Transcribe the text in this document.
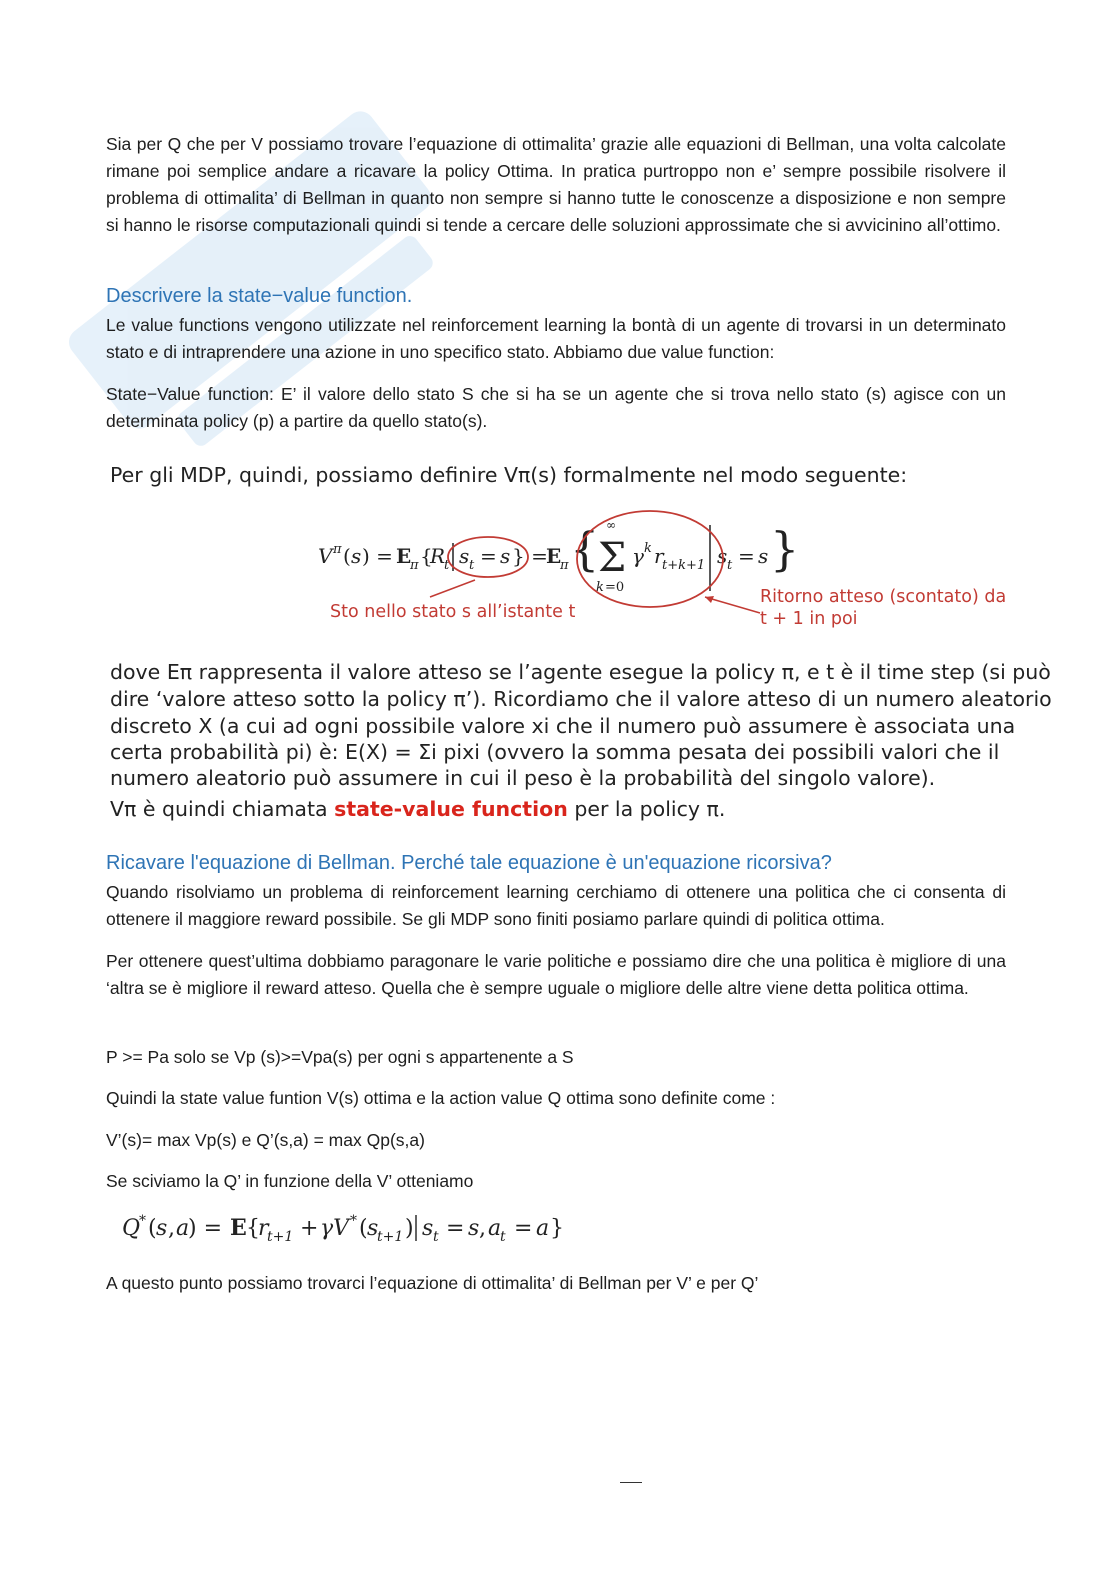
Sia per Q che per V possiamo trovare l’equazione di ottimalita’ grazie alle equazioni di Bellman, una volta calcolate rimane poi semplice andare a ricavare la policy Ottima. In pratica purtroppo non e’ sempre possibile risolvere il problema di ottimalita’ di Bellman in quanto non sempre si hanno tutte le conoscenze a disposizione e non sempre si hanno le risorse computazionali quindi si tende a cercare delle soluzioni approssimate che si avvicinino all’ottimo.

Descrivere la state−value function.

Le value functions vengono utilizzate nel reinforcement learning la bontà di un agente di trovarsi in un determinato stato e di intraprendere una azione in uno specifico stato. Abbiamo due value function:

State−Value function: E’ il valore dello stato S che si ha se un agente che si trova nello stato (s) agisce con un determinata policy (p) a partire da quello stato(s).

Per gli MDP, quindi, possiamo definire Vπ(s) formalmente nel modo seguente:
V π ( s ) = E
π {
R
t s t = s } =
E
π {
Σ
∞
k =0
γ k r
t+k+1 s t = s }
Sto nello stato s all’istante t
Ritorno atteso (scontato) da
t + 1 in poi
dove Eπ rappresenta il valore atteso se l’agente esegue la policy π, e t è il time step (si può
dire ‘valore atteso sotto la policy π’). Ricordiamo che il valore atteso di un numero aleatorio
discreto X (a cui ad ogni possibile valore xi che il numero può assumere è associata una
certa probabilità pi) è: E(X) = Σi pixi (ovvero la somma pesata dei possibili valori che il
numero aleatorio può assumere in cui il peso è la probabilità del singolo valore).
Vπ è quindi chiamata state-value function per la policy π.
Ricavare l'equazione di Bellman. Perché tale equazione è un'equazione ricorsiva?

Quando risolviamo un problema di reinforcement learning cerchiamo di ottenere una politica che ci consenta di ottenere il maggiore reward possibile. Se gli MDP sono finiti posiamo parlare quindi di politica ottima.

Per ottenere quest’ultima dobbiamo paragonare le varie politiche e possiamo dire che una politica è migliore di una ‘altra se è migliore il reward atteso. Quella che è sempre uguale o migliore delle altre viene detta politica ottima.

P >= Pa solo se Vp (s)>=Vpa(s) per ogni s appartenente a S
Quindi la state value funtion V(s) ottima e la action value Q ottima sono definite come :
V’(s)= max Vp(s) e Q’(s,a) = max Qp(s,a)
Se sciviamo la Q’ in funzione della V’ otteniamo
Q
* ( s , a
) = E {
r
t+1 + γV * ( s
t+1 ) s t = s , a
t = a }
A questo punto possiamo trovarci l’equazione di ottimalita’ di Bellman per V’ e per Q’
